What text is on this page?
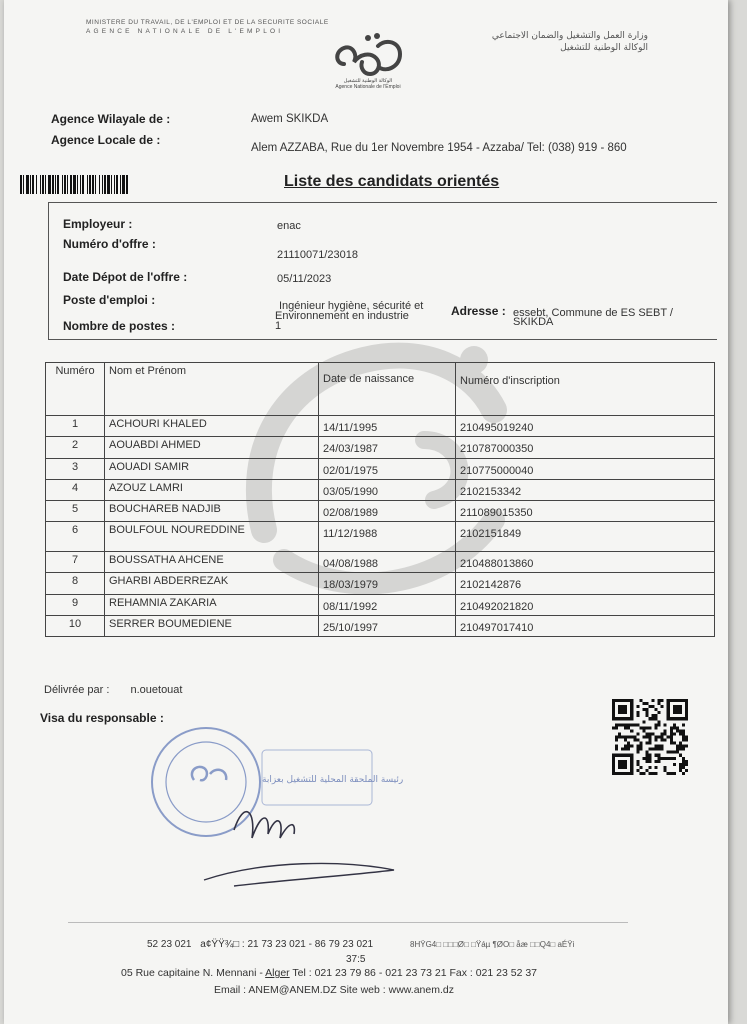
MINISTERE DU TRAVAIL, DE L'EMPLOI ET DE LA SECURITE SOCIALE
AGENCE NATIONALE DE L'EMPLOI
الوكالة الوطنية للتشغيل
Agence Nationale de l'Emploi
وزارة العمل والتشغيل والضمان الاجتماعي
الوكالة الوطنية للتشغيل
Agence Wilayale de :	Awem SKIKDA
Agence Locale de :
Alem AZZABA, Rue du 1er Novembre 1954 - Azzaba/ Tel: (038) 919 - 860
Liste des candidats orientés
Employeur :	enac
Numéro d'offre :
21110071/23018
Date Dépot de l'offre :	05/11/2023
Poste d'emploi :	Ingénieur hygiène, sécurité et
Environnement en industrie
Nombre de postes :	1
Adresse : essebt, Commune de ES SEBT /
SKIKDA
Numéro	Nom et Prénom	Date de naissance	Numéro d'inscription
1	ACHOURI KHALED	14/11/1995	210495019240
2	AOUABDI AHMED	24/03/1987	210787000350
3	AOUADI SAMIR	02/01/1975	210775000040
4	AZOUZ LAMRI	03/05/1990	2102153342
5	BOUCHAREB NADJIB	02/08/1989	211089015350
6	BOULFOUL NOUREDDINE	11/12/1988	2102151849
7	BOUSSATHA AHCENE	04/08/1988	210488013860
8	GHARBI ABDERREZAK	18/03/1979	2102142876
9	REHAMNIA ZAKARIA	08/11/1992	210492021820
10	SERRER BOUMEDIENE	25/10/1997	210497017410
Délivrée par : n.ouetouat
Visa du responsable :
رئيسة الملحقة المحلية للتشغيل بعزابة
52 23 021 a¢ŸŸ¾□ : 21 73 23 021 - 86 79 23 021	8HŸG4□ □□□Ø□ □Ÿáµ ¶ØO□ åæ □□Q4□ aÉŸi
37:5
05 Rue capitaine N. Mennani - Alger Tel : 021 23 79 86 - 021 23 73 21 Fax : 021 23 52 37
Email : ANEM@ANEM.DZ Site web : www.anem.dz
